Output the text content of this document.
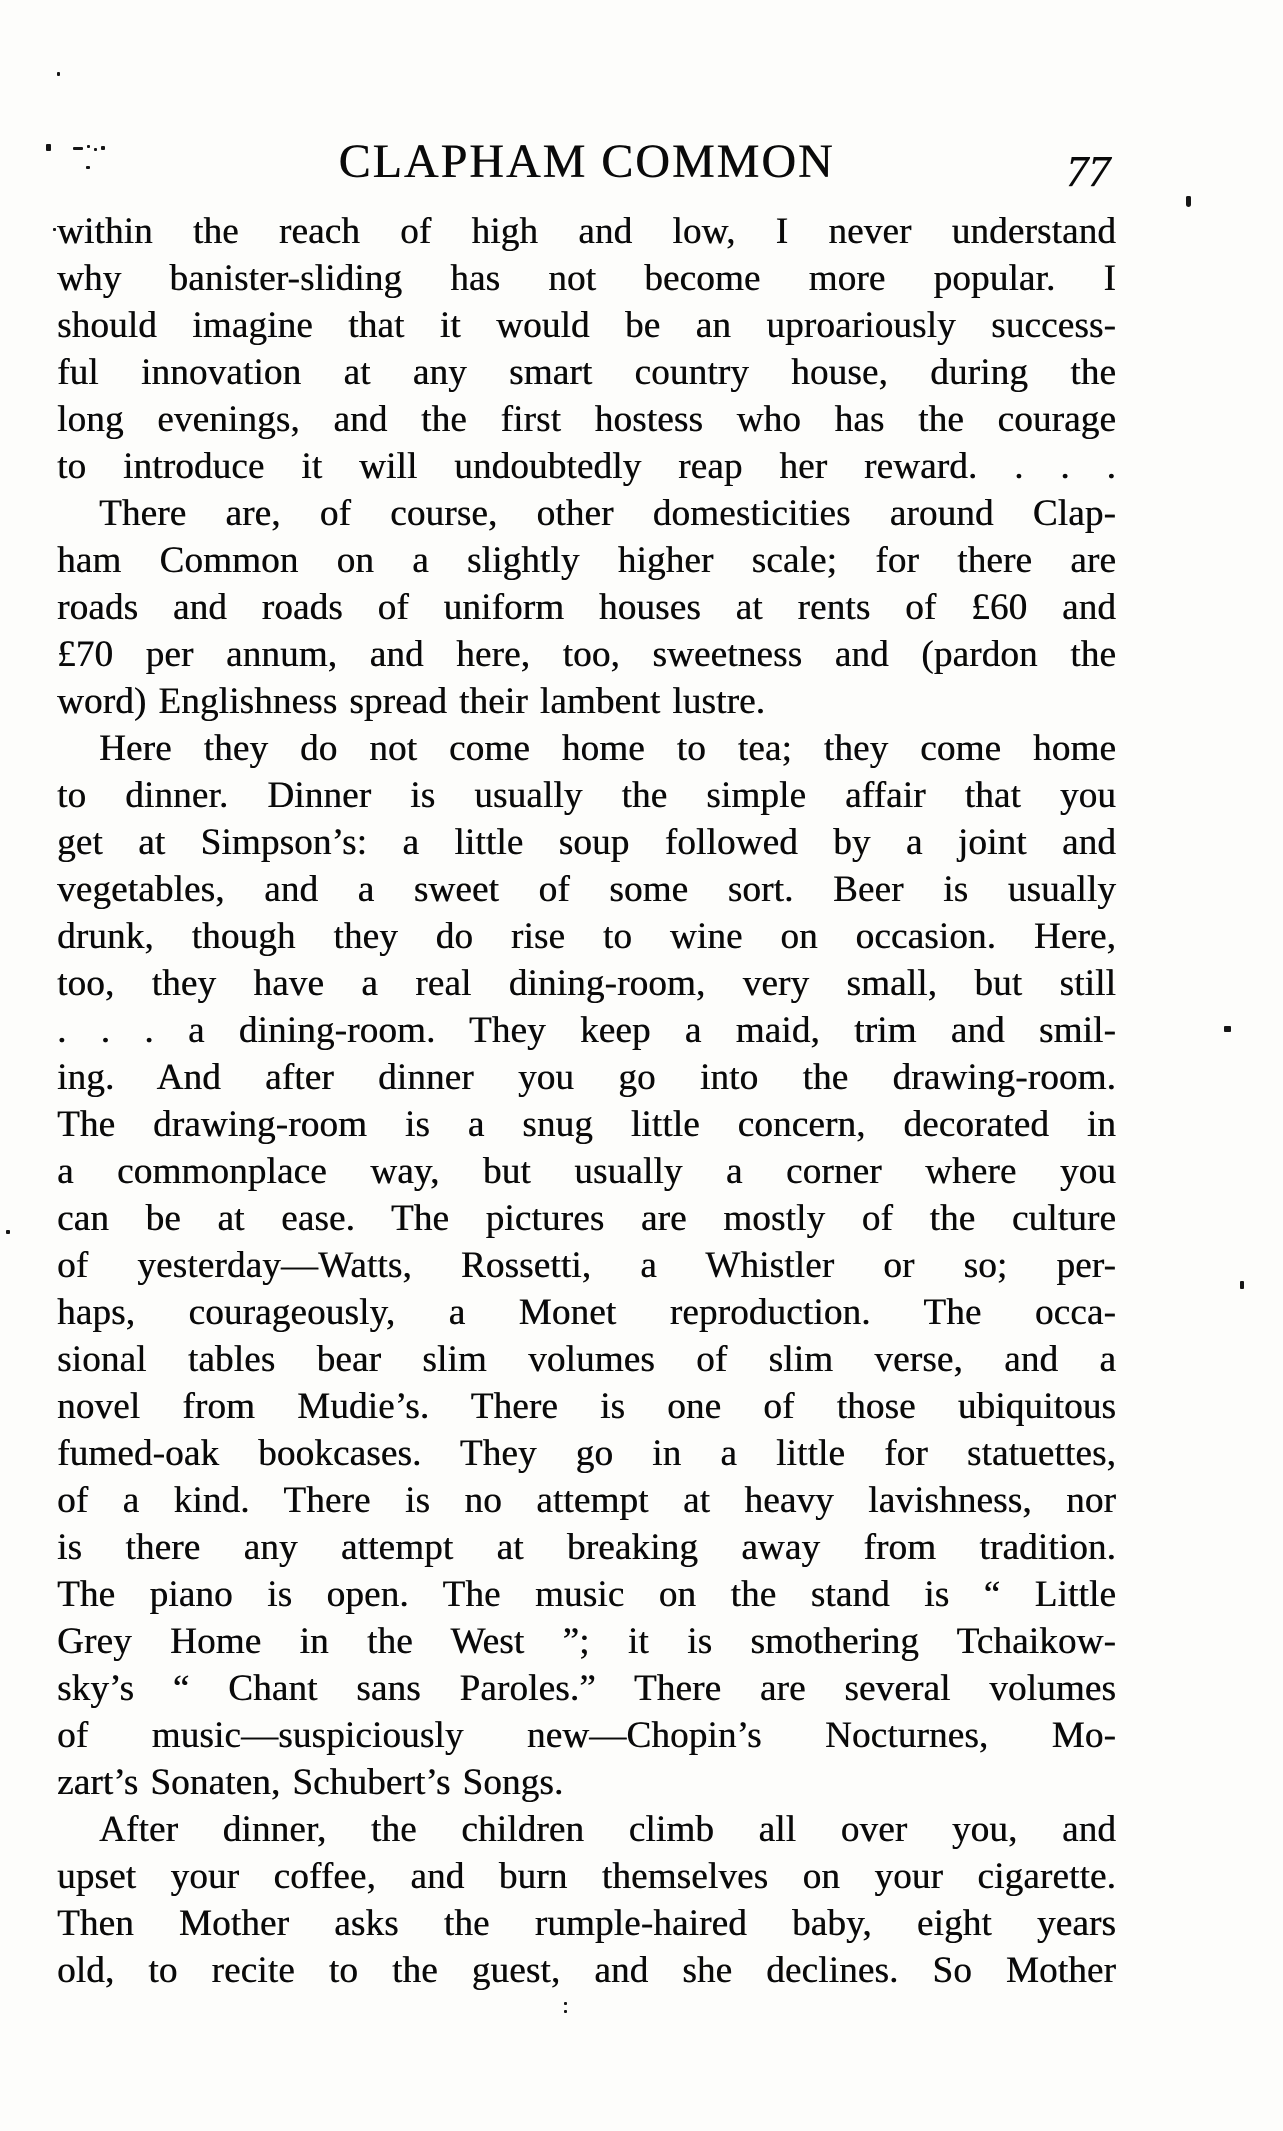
CLAPHAM COMMON	77
within the reach of high and low, I never understand
why banister-sliding has not become more popular. I
should imagine that it would be an uproariously success-
ful innovation at any smart country house, during the
long evenings, and the first hostess who has the courage
to introduce it will undoubtedly reap her reward. . . .
There are, of course, other domesticities around Clap-
ham Common on a slightly higher scale; for there are
roads and roads of uniform houses at rents of £60 and
£70 per annum, and here, too, sweetness and (pardon the
word) Englishness spread their lambent lustre.
Here they do not come home to tea; they come home
to dinner. Dinner is usually the simple affair that you
get at Simpson’s: a little soup followed by a joint and
vegetables, and a sweet of some sort. Beer is usually
drunk, though they do rise to wine on occasion. Here,
too, they have a real dining-room, very small, but still
. . . a dining-room. They keep a maid, trim and smil-
ing. And after dinner you go into the drawing-room.
The drawing-room is a snug little concern, decorated in
a commonplace way, but usually a corner where you
can be at ease. The pictures are mostly of the culture
of yesterday—Watts, Rossetti, a Whistler or so; per-
haps, courageously, a Monet reproduction. The occa-
sional tables bear slim volumes of slim verse, and a
novel from Mudie’s. There is one of those ubiquitous
fumed-oak bookcases. They go in a little for statuettes,
of a kind. There is no attempt at heavy lavishness, nor
is there any attempt at breaking away from tradition.
The piano is open. The music on the stand is “ Little
Grey Home in the West ”; it is smothering Tchaikow-
sky’s “ Chant sans Paroles.” There are several volumes
of music—suspiciously new—Chopin’s Nocturnes, Mo-
zart’s Sonaten, Schubert’s Songs.
After dinner, the children climb all over you, and
upset your coffee, and burn themselves on your cigarette.
Then Mother asks the rumple-haired baby, eight years
old, to recite to the guest, and she declines. So Mother
